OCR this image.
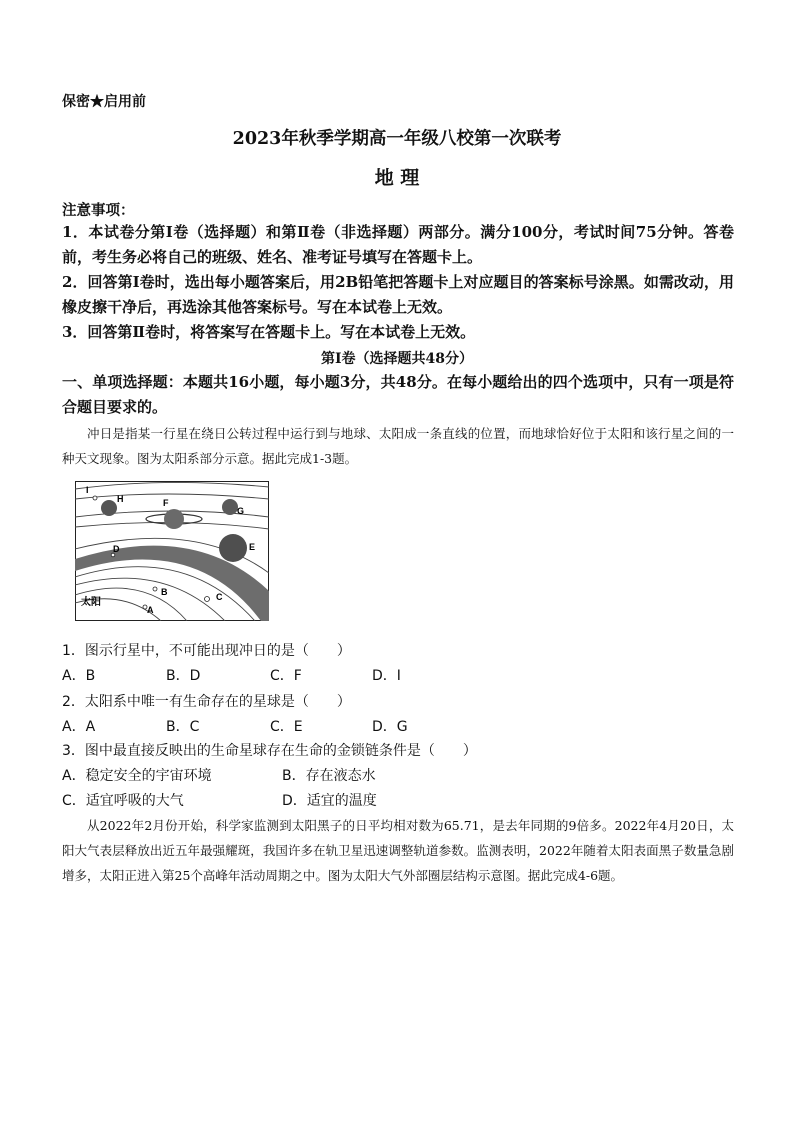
保密★启用前
2023年秋季学期高一年级八校第一次联考
地 理
注意事项：
1．本试卷分第Ⅰ卷（选择题）和第Ⅱ卷（非选择题）两部分。满分100分，考试时间75分钟。答卷前，考生务必将自己的班级、姓名、准考证号填写在答题卡上。
2．回答第Ⅰ卷时，选出每小题答案后，用2B铅笔把答题卡上对应题目的答案标号涂黑。如需改动，用橡皮擦干净后，再选涂其他答案标号。写在本试卷上无效。
3．回答第Ⅱ卷时，将答案写在答题卡上。写在本试卷上无效。
第Ⅰ卷（选择题共48分）
一、单项选择题：本题共16小题，每小题3分，共48分。在每小题给出的四个选项中，只有一项是符合题目要求的。
冲日是指某一行星在绕日公转过程中运行到与地球、太阳成一条直线的位置，而地球恰好位于太阳和该行星之间的一种天文现象。图为太阳系部分示意。据此完成1-3题。
I
H	F
G
E
D
C
B
A
太阳
1．图示行星中，不可能出现冲日的是（　　）
A．B	B．D	C．F	D．I
2．太阳系中唯一有生命存在的星球是（　　）
A．A	B．C	C．E	D．G
3．图中最直接反映出的生命星球存在生命的金锁链条件是（　　）
A．稳定安全的宇宙环境	B．存在液态水
C．适宜呼吸的大气	D．适宜的温度
从2022年2月份开始，科学家监测到太阳黑子的日平均相对数为65.71，是去年同期的9倍多。2022年4月20日，太阳大气表层释放出近五年最强耀斑，我国许多在轨卫星迅速调整轨道参数。监测表明，2022年随着太阳表面黑子数量急剧增多，太阳正进入第25个高峰年活动周期之中。图为太阳大气外部圈层结构示意图。据此完成4-6题。
